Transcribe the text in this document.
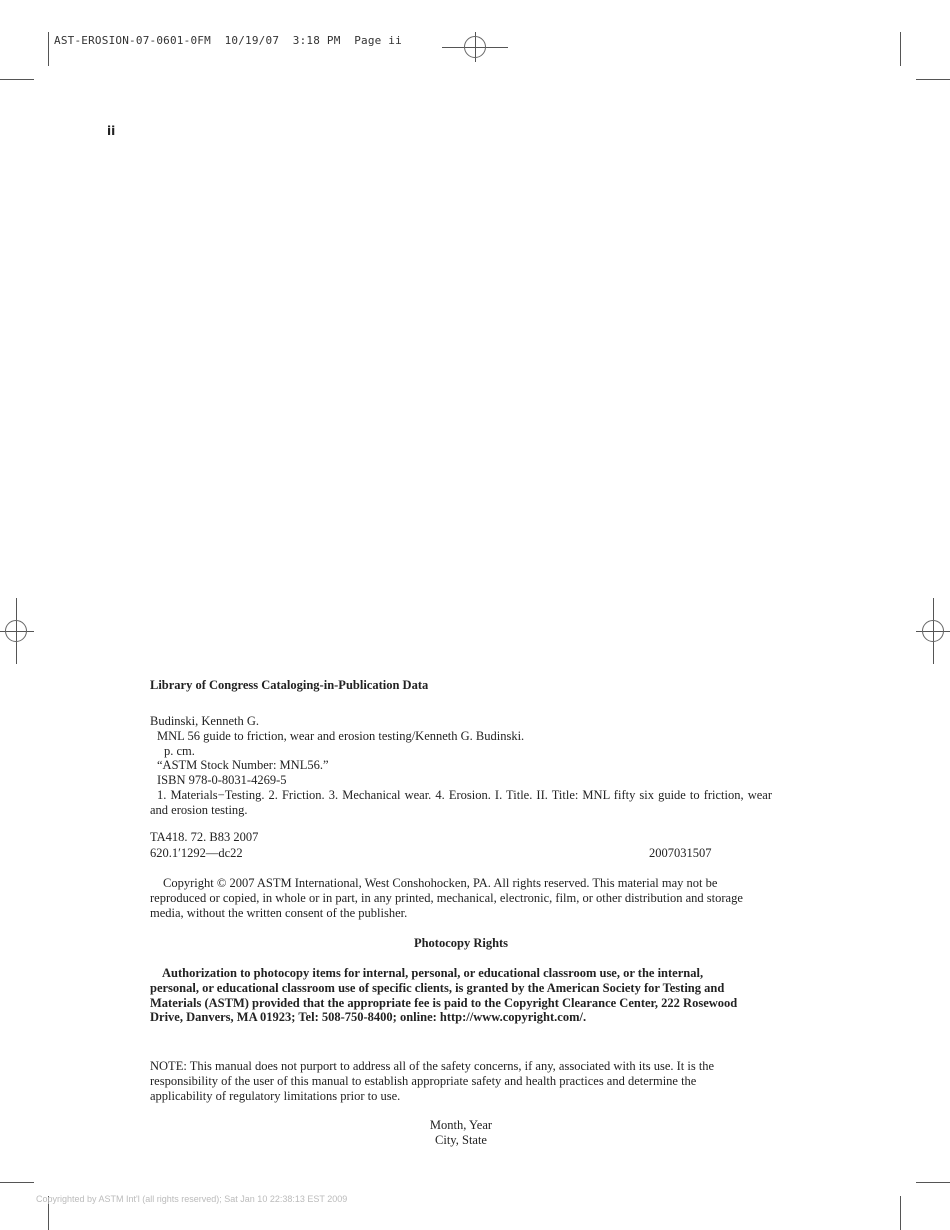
AST-EROSION-07-0601-0FM  10/19/07  3:18 PM  Page ii
ii
Library of Congress Cataloging-in-Publication Data
Budinski, Kenneth G.
MNL 56 guide to friction, wear and erosion testing/Kenneth G. Budinski.
p. cm.
“ASTM Stock Number: MNL56.”
ISBN 978-0-8031-4269-5
1. Materials−Testing. 2. Friction. 3. Mechanical wear. 4. Erosion. I. Title. II. Title: MNL fifty six guide to friction, wear and erosion testing.
TA418. 72. B83 2007
620.1′1292—dc22	2007031507
Copyright © 2007 ASTM International, West Conshohocken, PA. All rights reserved. This material may not be reproduced or copied, in whole or in part, in any printed, mechanical, electronic, film, or other distribution and storage media, without the written consent of the publisher.
Photocopy Rights
Authorization to photocopy items for internal, personal, or educational classroom use, or the internal, personal, or educational classroom use of specific clients, is granted by the American Society for Testing and Materials (ASTM) provided that the appropriate fee is paid to the Copyright Clearance Center, 222 Rosewood Drive, Danvers, MA 01923; Tel: 508-750-8400; online: http://www.copyright.com/.
NOTE: This manual does not purport to address all of the safety concerns, if any, associated with its use. It is the responsibility of the user of this manual to establish appropriate safety and health practices and determine the applicability of regulatory limitations prior to use.
Month, Year
City, State
Copyrighted by ASTM Int'l (all rights reserved); Sat Jan 10 22:38:13 EST 2009
